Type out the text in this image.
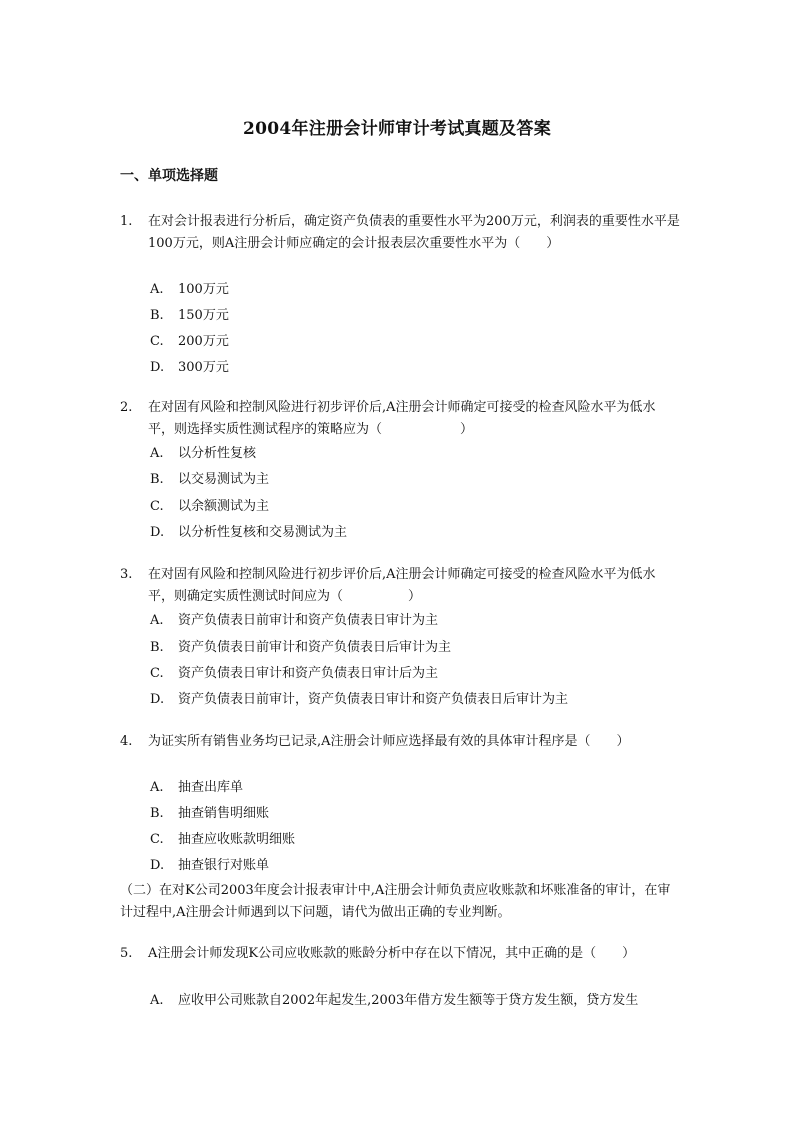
2004年注册会计师审计考试真题及答案
一、单项选择题
1.	在对会计报表进行分析后，确定资产负债表的重要性水平为200万元，利润表的重要性水平是100万元，则A注册会计师应确定的会计报表层次重要性水平为（　　）
A. 100万元
B. 150万元
C. 200万元
D. 300万元
2.	在对固有风险和控制风险进行初步评价后,A注册会计师确定可接受的检查风险水平为低水平，则选择实质性测试程序的策略应为（　　　　　　）
A. 以分析性复核
B. 以交易测试为主
C. 以余额测试为主
D. 以分析性复核和交易测试为主
3.	在对固有风险和控制风险进行初步评价后,A注册会计师确定可接受的检查风险水平为低水平，则确定实质性测试时间应为（　　　　　）
A. 资产负债表日前审计和资产负债表日审计为主
B. 资产负债表日前审计和资产负债表日后审计为主
C. 资产负债表日审计和资产负债表日审计后为主
D. 资产负债表日前审计，资产负债表日审计和资产负债表日后审计为主
4.	为证实所有销售业务均已记录,A注册会计师应选择最有效的具体审计程序是（　　）
A. 抽查出库单
B. 抽查销售明细账
C. 抽查应收账款明细账
D. 抽查银行对账单
（二）在对K公司2003年度会计报表审计中,A注册会计师负责应收账款和坏账准备的审计，在审计过程中,A注册会计师遇到以下问题，请代为做出正确的专业判断。
5.	A注册会计师发现K公司应收账款的账龄分析中存在以下情况，其中正确的是（　　）
A. 应收甲公司账款自2002年起发生,2003年借方发生额等于贷方发生额，贷方发生
